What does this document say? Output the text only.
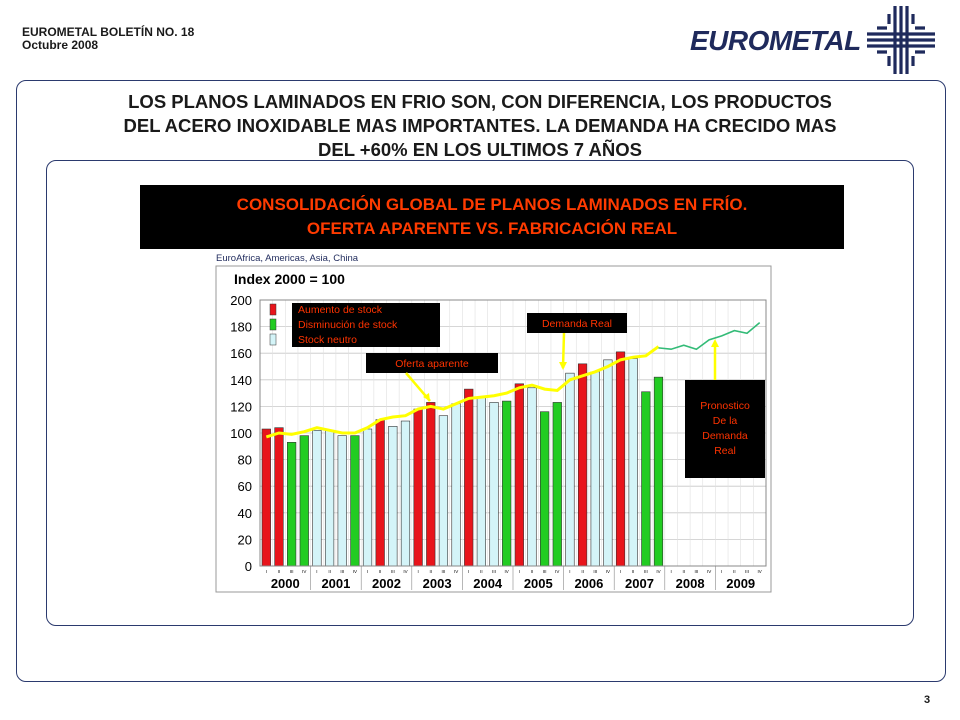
EUROMETAL BOLETÍN NO. 18
Octubre 2008	EUROMETAL
LOS PLANOS LAMINADOS EN FRIO SON, CON DIFERENCIA, LOS PRODUCTOS
DEL ACERO INOXIDABLE MAS IMPORTANTES. LA DEMANDA HA CRECIDO MAS
DEL +60% EN LOS ULTIMOS 7 AÑOS
CONSOLIDACIÓN GLOBAL DE PLANOS LAMINADOS EN FRÍO.
OFERTA APARENTE VS. FABRICACIÓN REAL
EuroAfrica, Americas, Asia, China
Index 2000 = 100
0
20
40
60
80
100
120
140
160
180
200
I II III IV I II III IV I II III IV I II III IV I II III IV I II III IV I II III IV I II III IV I II III IV I II III IV
2000 2001 2002 2003 2004 2005 2006 2007 2008 2009
Aumento de stock
Disminución de stock
Stock neutro
Oferta aparente
Demanda Real
Pronostico
De la
Demanda
Real
3
